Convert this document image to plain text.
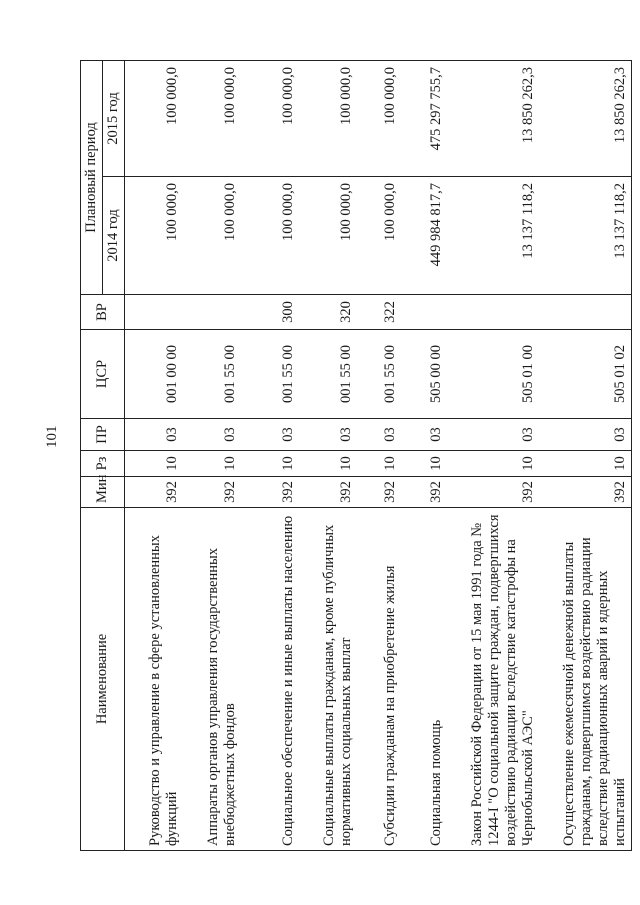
101
Наименование	Мин	Рз	ПР	ЦСР	ВР	Плановый период	
						2014 год	2015 год
Руководство и управление в сфере установленных функций	392	10	03	001 00 00		100 000,0	100 000,0
Аппараты органов управления государственных внебюджетных фондов	392	10	03	001 55 00		100 000,0	100 000,0
Социальное обеспечение и иные выплаты населению	392	10	03	001 55 00	300	100 000,0	100 000,0
Социальные выплаты гражданам, кроме публичных нормативных социальных выплат	392	10	03	001 55 00	320	100 000,0	100 000,0
Субсидии гражданам на приобретение жилья	392	10	03	001 55 00	322	100 000,0	100 000,0
Социальная помощь	392	10	03	505 00 00		449 984 817,7	475 297 755,7
Закон Российской Федерации от 15 мая 1991 года № 1244-I "О социальной защите граждан, подвергшихся воздействию радиации вследствие катастрофы на Чернобыльской АЭС"	392	10	03	505 01 00		13 137 118,2	13 850 262,3
Осуществление ежемесячной денежной выплаты гражданам, подвергшимся воздействию радиации вследствие радиационных аварий и ядерных испытаний	392	10	03	505 01 02		13 137 118,2	13 850 262,3
